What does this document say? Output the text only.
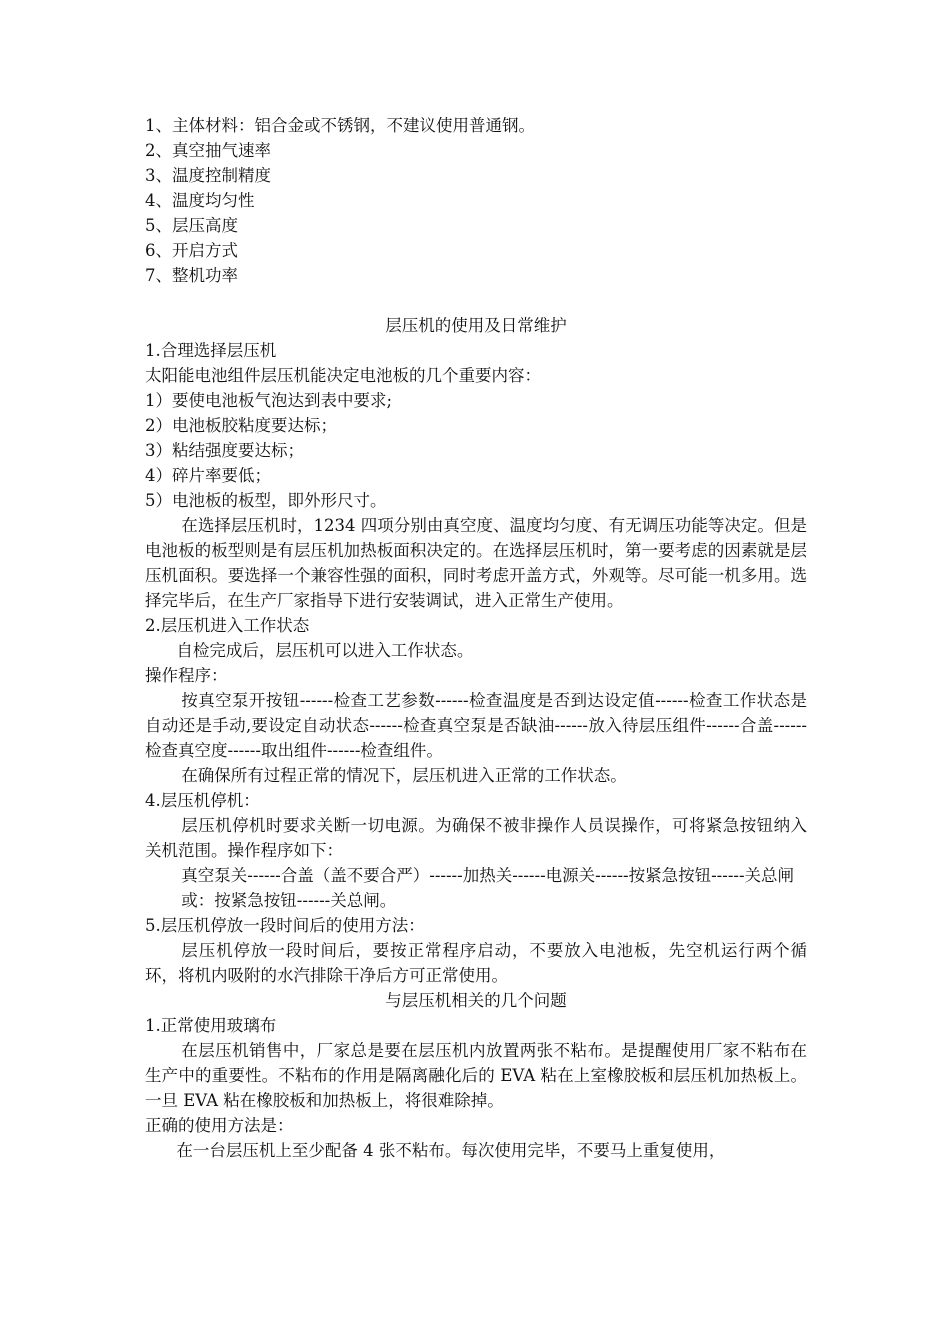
1、主体材料：铝合金或不锈钢，不建议使用普通钢。

2、真空抽气速率

3、温度控制精度

4、温度均匀性

5、层压高度

6、开启方式

7、整机功率

层压机的使用及日常维护

1.合理选择层压机

太阳能电池组件层压机能决定电池板的几个重要内容：

1）要使电池板气泡达到表中要求;

2）电池板胶粘度要达标；

3）粘结强度要达标；

4）碎片率要低；

5）电池板的板型，即外形尺寸。

在选择层压机时，1234 四项分别由真空度、温度均匀度、有无调压功能等决定。但是电池板的板型则是有层压机加热板面积决定的。在选择层压机时，第一要考虑的因素就是层压机面积。要选择一个兼容性强的面积，同时考虑开盖方式，外观等。尽可能一机多用。选择完毕后，在生产厂家指导下进行安装调试，进入正常生产使用。

2.层压机进入工作状态

自检完成后，层压机可以进入工作状态。

操作程序：

按真空泵开按钮------检查工艺参数------检查温度是否到达设定值------检查工作状态是自动还是手动,要设定自动状态------检查真空泵是否缺油------放入待层压组件------合盖------检查真空度------取出组件------检查组件。

在确保所有过程正常的情况下，层压机进入正常的工作状态。

4.层压机停机：

层压机停机时要求关断一切电源。为确保不被非操作人员误操作，可将紧急按钮纳入关机范围。操作程序如下：

真空泵关------合盖（盖不要合严）------加热关------电源关------按紧急按钮------关总闸

或：按紧急按钮------关总闸。

5.层压机停放一段时间后的使用方法：

层压机停放一段时间后，要按正常程序启动，不要放入电池板，先空机运行两个循环，将机内吸附的水汽排除干净后方可正常使用。

与层压机相关的几个问题

1.正常使用玻璃布

在层压机销售中，厂家总是要在层压机内放置两张不粘布。是提醒使用厂家不粘布在生产中的重要性。不粘布的作用是隔离融化后的 EVA 粘在上室橡胶板和层压机加热板上。一旦 EVA 粘在橡胶板和加热板上，将很难除掉。

正确的使用方法是：

在一台层压机上至少配备 4 张不粘布。每次使用完毕，不要马上重复使用，
